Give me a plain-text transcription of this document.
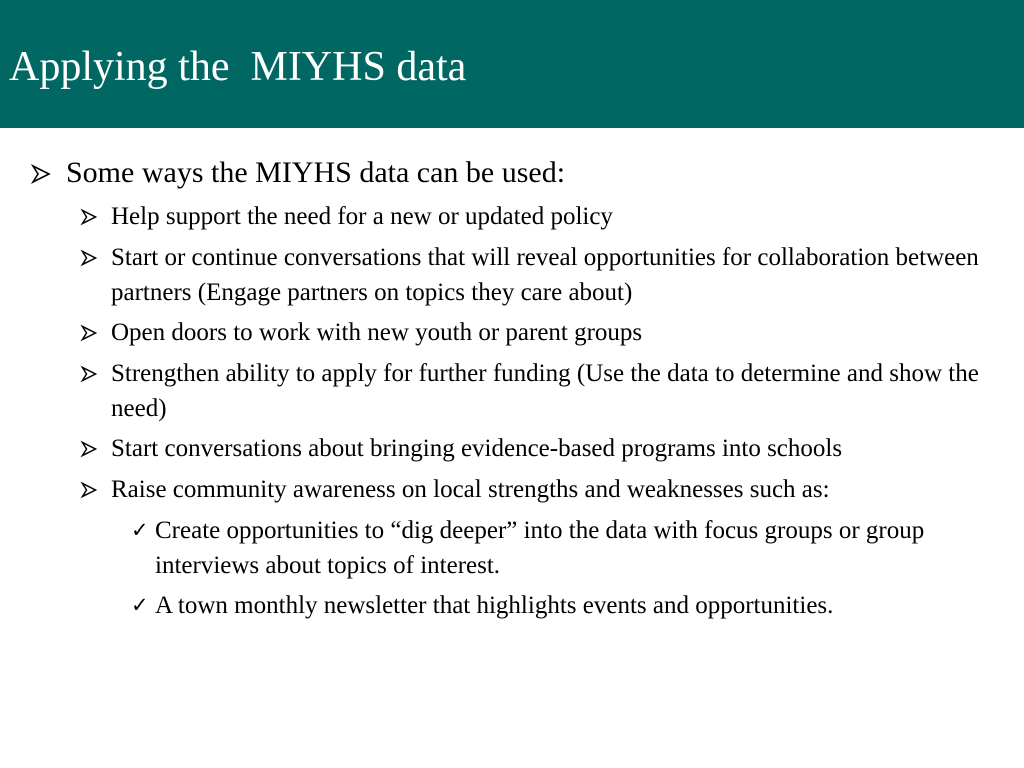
Applying the  MIYHS data
Some ways the MIYHS data can be used:
Help support the need for a new or updated policy
Start or continue conversations that will reveal opportunities for collaboration between partners (Engage partners on topics they care about)
Open doors to work with new youth or parent groups
Strengthen ability to apply for further funding (Use the data to determine and show the need)
Start conversations about bringing evidence-based programs into schools
Raise community awareness on local strengths and weaknesses such as:
✓ Create opportunities to “dig deeper” into the data with focus groups or group interviews about topics of interest.
✓ A town monthly newsletter that highlights events and opportunities.
